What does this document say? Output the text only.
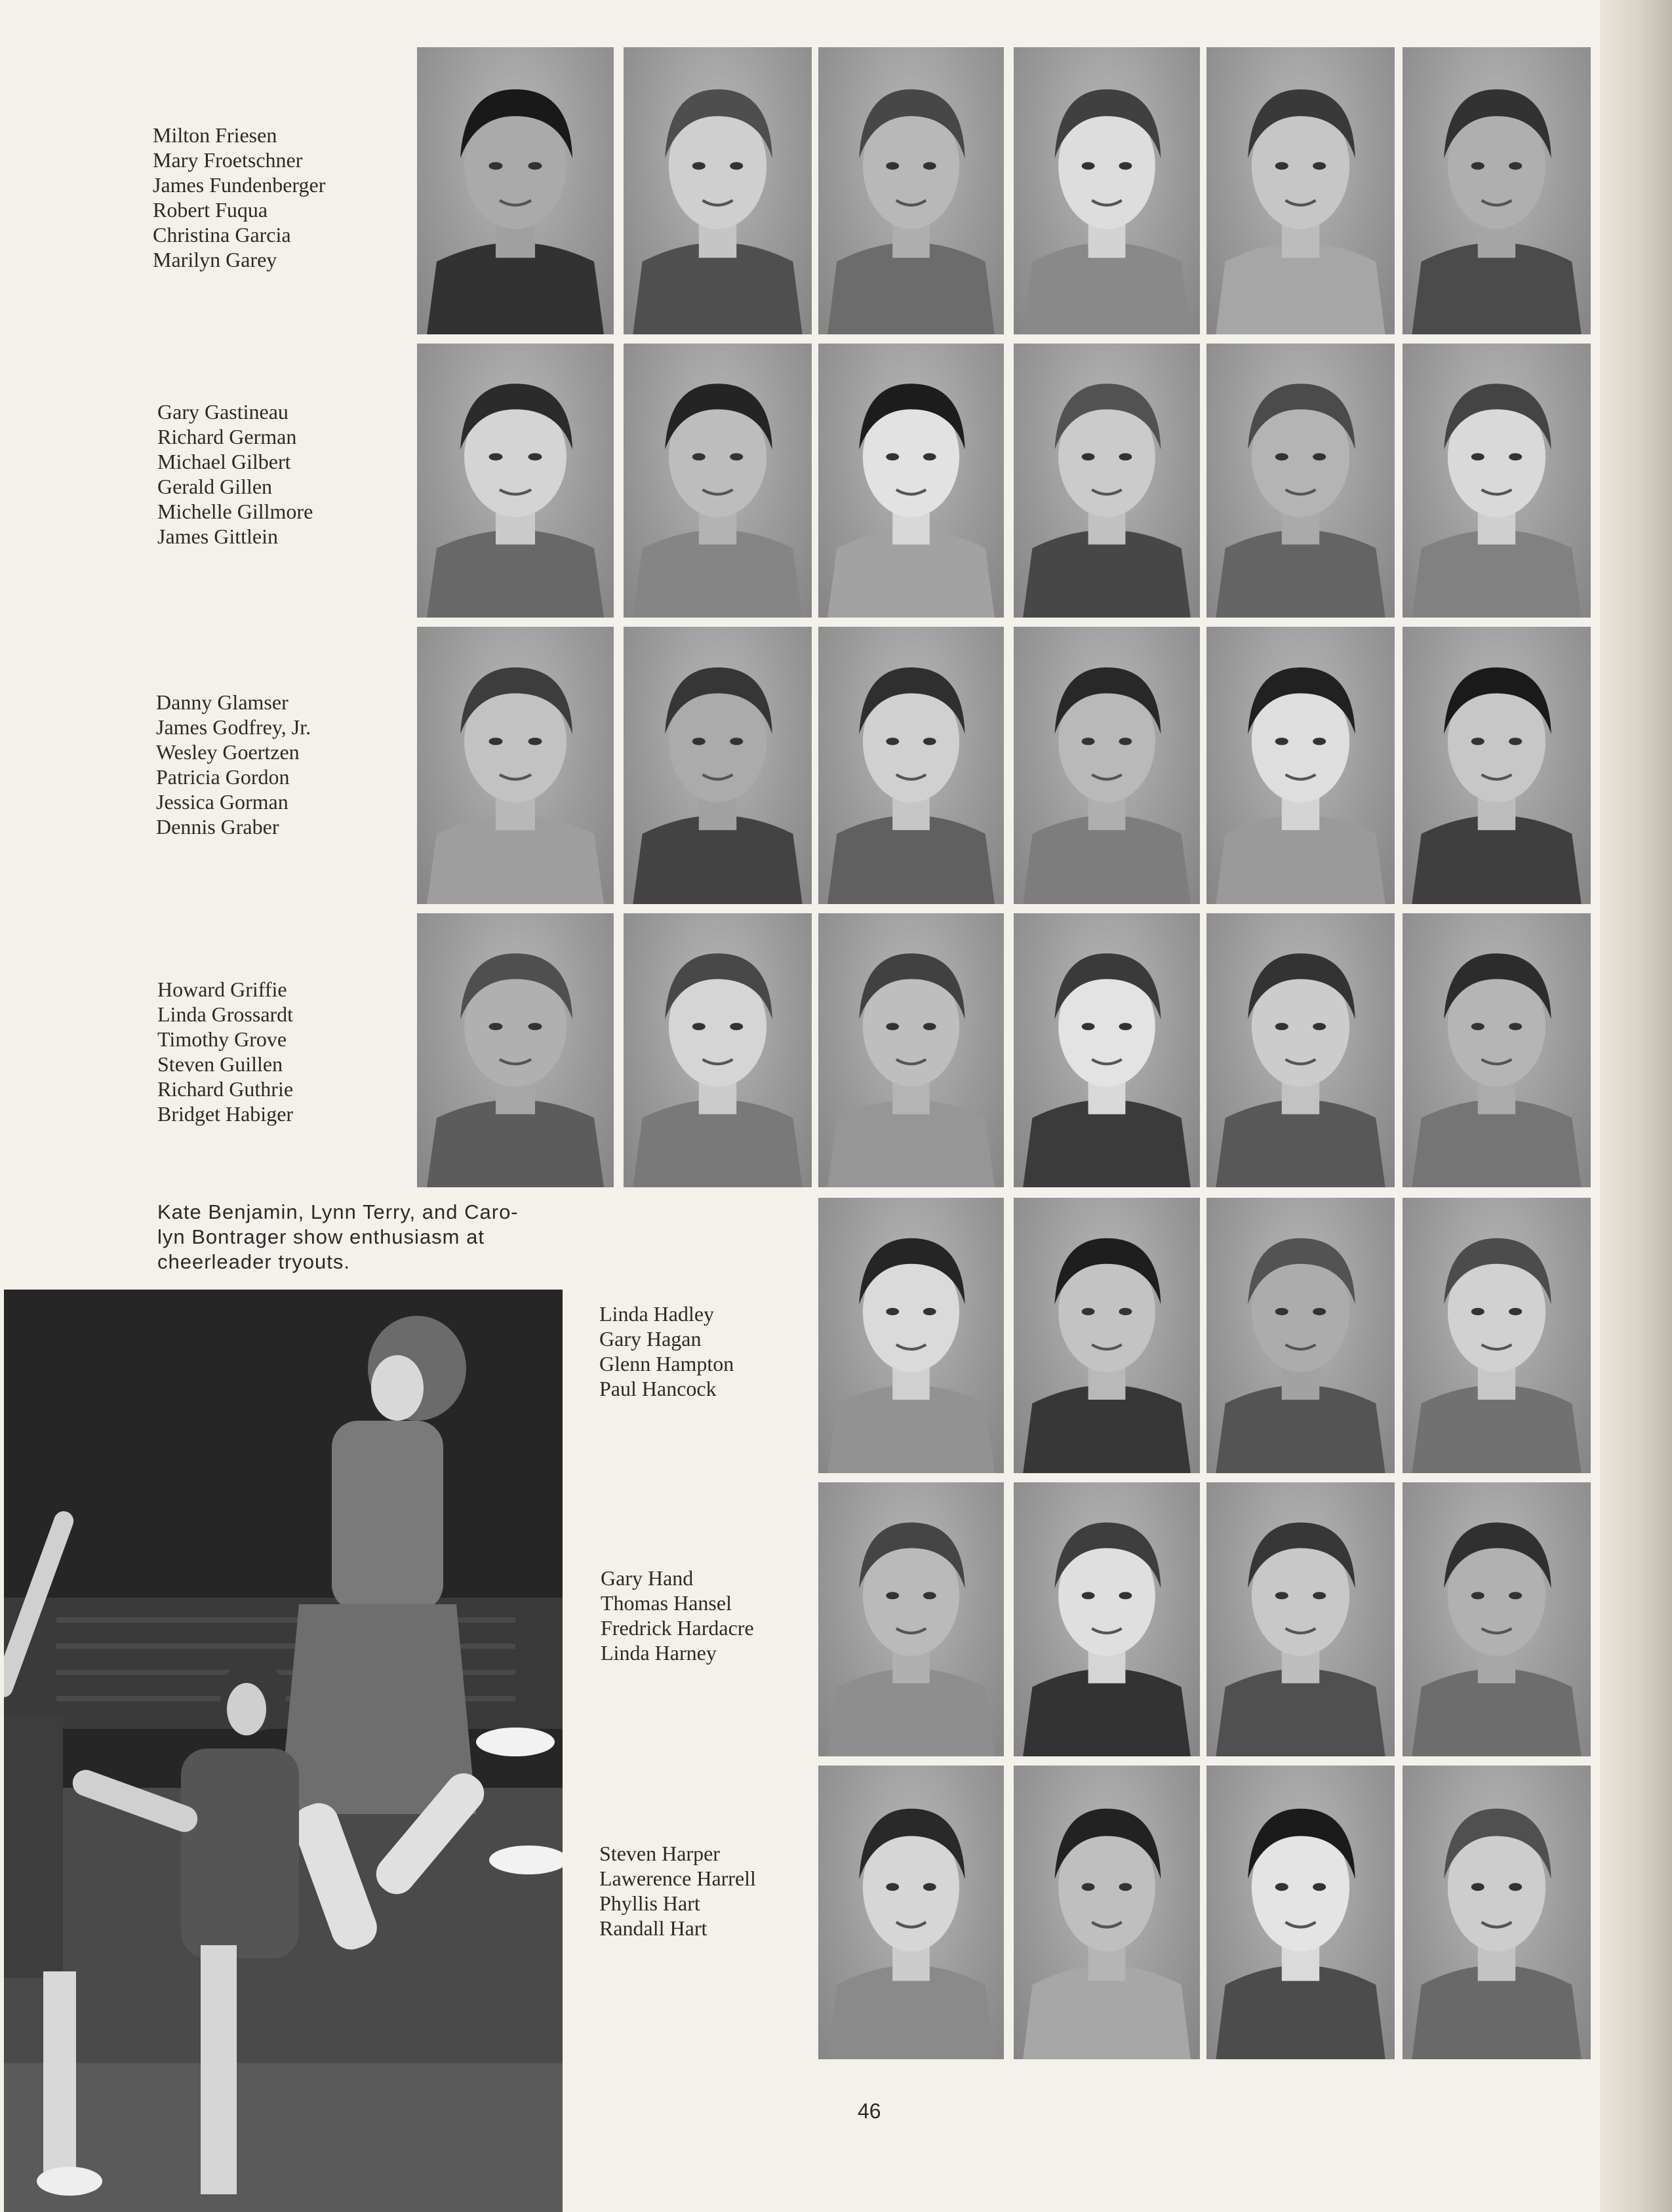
Milton Friesen
Mary Froetschner
James Fundenberger
Robert Fuqua
Christina Garcia
Marilyn Garey
Gary Gastineau
Richard German
Michael Gilbert
Gerald Gillen
Michelle Gillmore
James Gittlein
Danny Glamser
James Godfrey, Jr.
Wesley Goertzen
Patricia Gordon
Jessica Gorman
Dennis Graber
Howard Griffie
Linda Grossardt
Timothy Grove
Steven Guillen
Richard Guthrie
Bridget Habiger
Linda Hadley
Gary Hagan
Glenn Hampton
Paul Hancock
Gary Hand
Thomas Hansel
Fredrick Hardacre
Linda Harney
Steven Harper
Lawerence Harrell
Phyllis Hart
Randall Hart
Kate Benjamin, Lynn Terry, and Caro-
lyn Bontrager show enthusiasm at
cheerleader tryouts.
46
